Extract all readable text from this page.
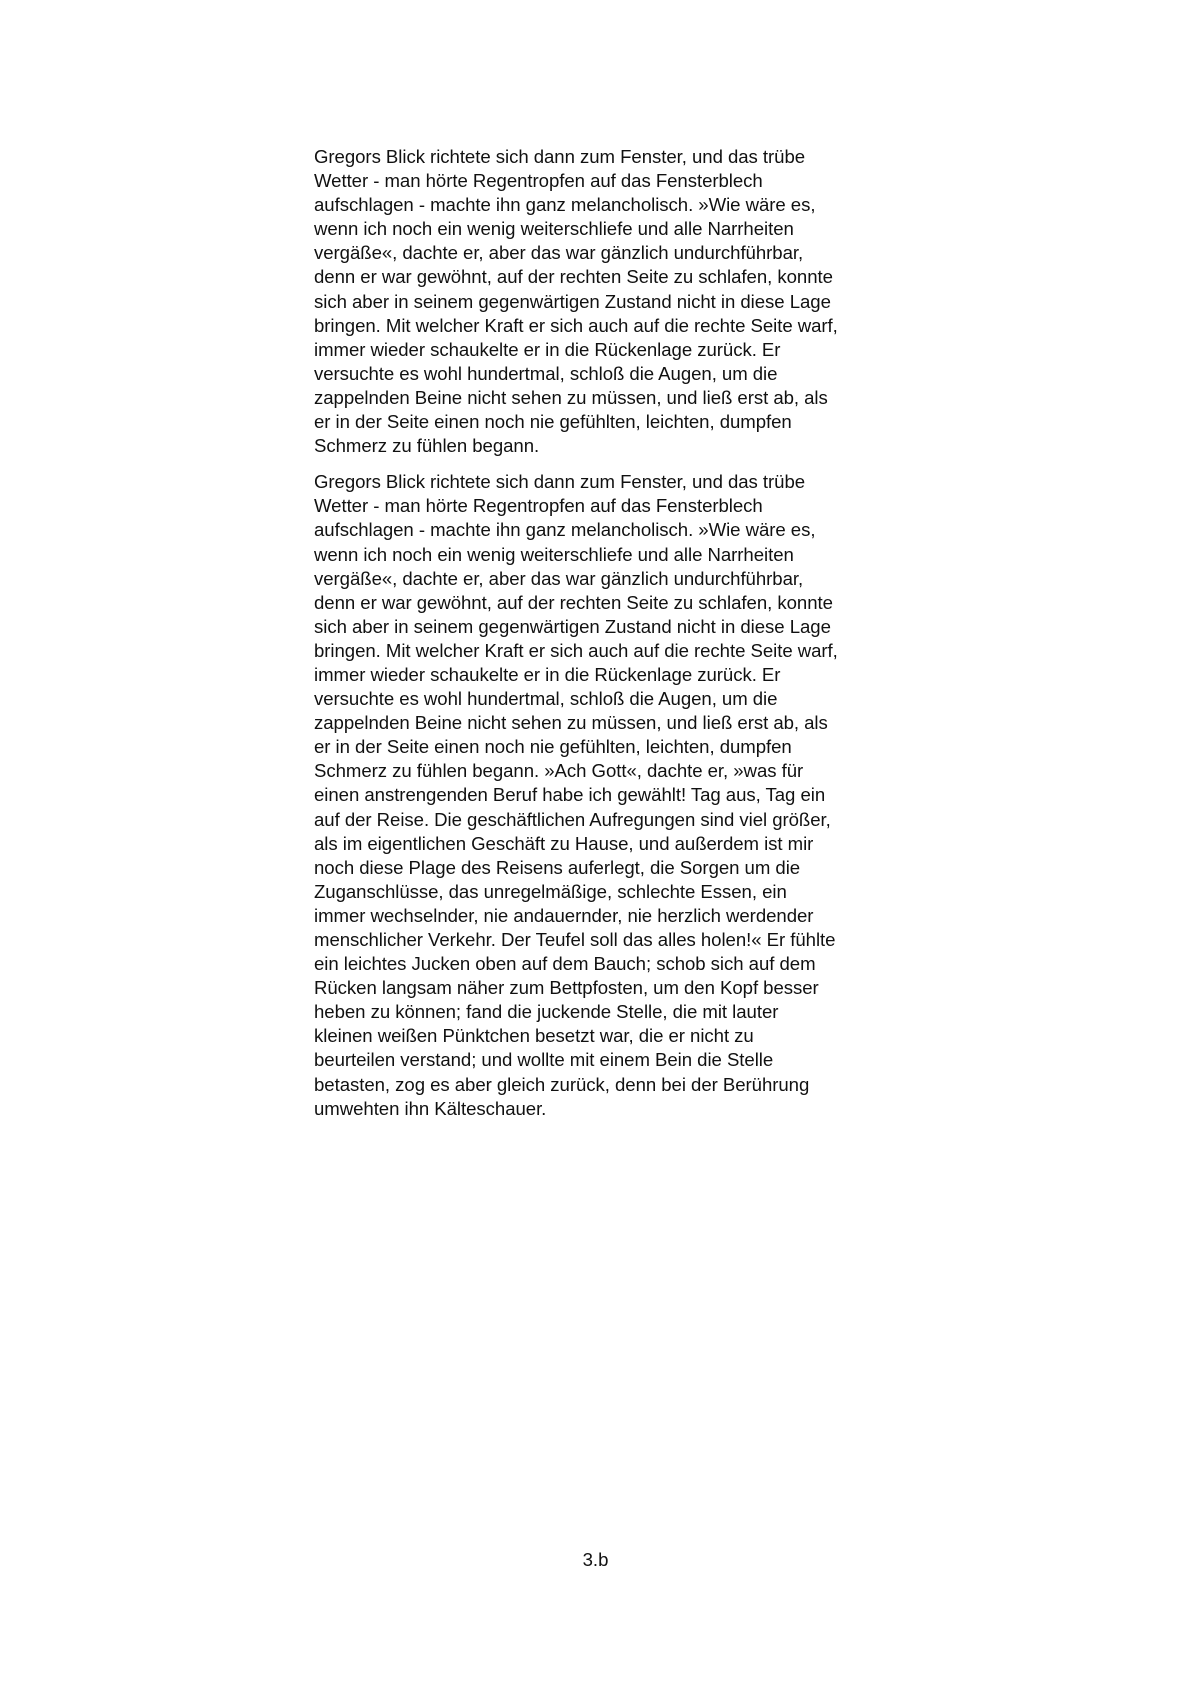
Gregors Blick richtete sich dann zum Fenster, und das trübe
Wetter - man hörte Regentropfen auf das Fensterblech
aufschlagen - machte ihn ganz melancholisch. »Wie wäre es,
wenn ich noch ein wenig weiterschliefe und alle Narrheiten
vergäße«, dachte er, aber das war gänzlich undurchführbar,
denn er war gewöhnt, auf der rechten Seite zu schlafen, konnte
sich aber in seinem gegenwärtigen Zustand nicht in diese Lage
bringen. Mit welcher Kraft er sich auch auf die rechte Seite warf,
immer wieder schaukelte er in die Rückenlage zurück. Er
versuchte es wohl hundertmal, schloß die Augen, um die
zappelnden Beine nicht sehen zu müssen, und ließ erst ab, als
er in der Seite einen noch nie gefühlten, leichten, dumpfen
Schmerz zu fühlen begann.

Gregors Blick richtete sich dann zum Fenster, und das trübe
Wetter - man hörte Regentropfen auf das Fensterblech
aufschlagen - machte ihn ganz melancholisch. »Wie wäre es,
wenn ich noch ein wenig weiterschliefe und alle Narrheiten
vergäße«, dachte er, aber das war gänzlich undurchführbar,
denn er war gewöhnt, auf der rechten Seite zu schlafen, konnte
sich aber in seinem gegenwärtigen Zustand nicht in diese Lage
bringen. Mit welcher Kraft er sich auch auf die rechte Seite warf,
immer wieder schaukelte er in die Rückenlage zurück. Er
versuchte es wohl hundertmal, schloß die Augen, um die
zappelnden Beine nicht sehen zu müssen, und ließ erst ab, als
er in der Seite einen noch nie gefühlten, leichten, dumpfen
Schmerz zu fühlen begann. »Ach Gott«, dachte er, »was für
einen anstrengenden Beruf habe ich gewählt! Tag aus, Tag ein
auf der Reise. Die geschäftlichen Aufregungen sind viel größer,
als im eigentlichen Geschäft zu Hause, und außerdem ist mir
noch diese Plage des Reisens auferlegt, die Sorgen um die
Zuganschlüsse, das unregelmäßige, schlechte Essen, ein
immer wechselnder, nie andauernder, nie herzlich werdender
menschlicher Verkehr. Der Teufel soll das alles holen!« Er fühlte
ein leichtes Jucken oben auf dem Bauch; schob sich auf dem
Rücken langsam näher zum Bettpfosten, um den Kopf besser
heben zu können; fand die juckende Stelle, die mit lauter
kleinen weißen Pünktchen besetzt war, die er nicht zu
beurteilen verstand; und wollte mit einem Bein die Stelle
betasten, zog es aber gleich zurück, denn bei der Berührung
umwehten ihn Kälteschauer.

3.b
